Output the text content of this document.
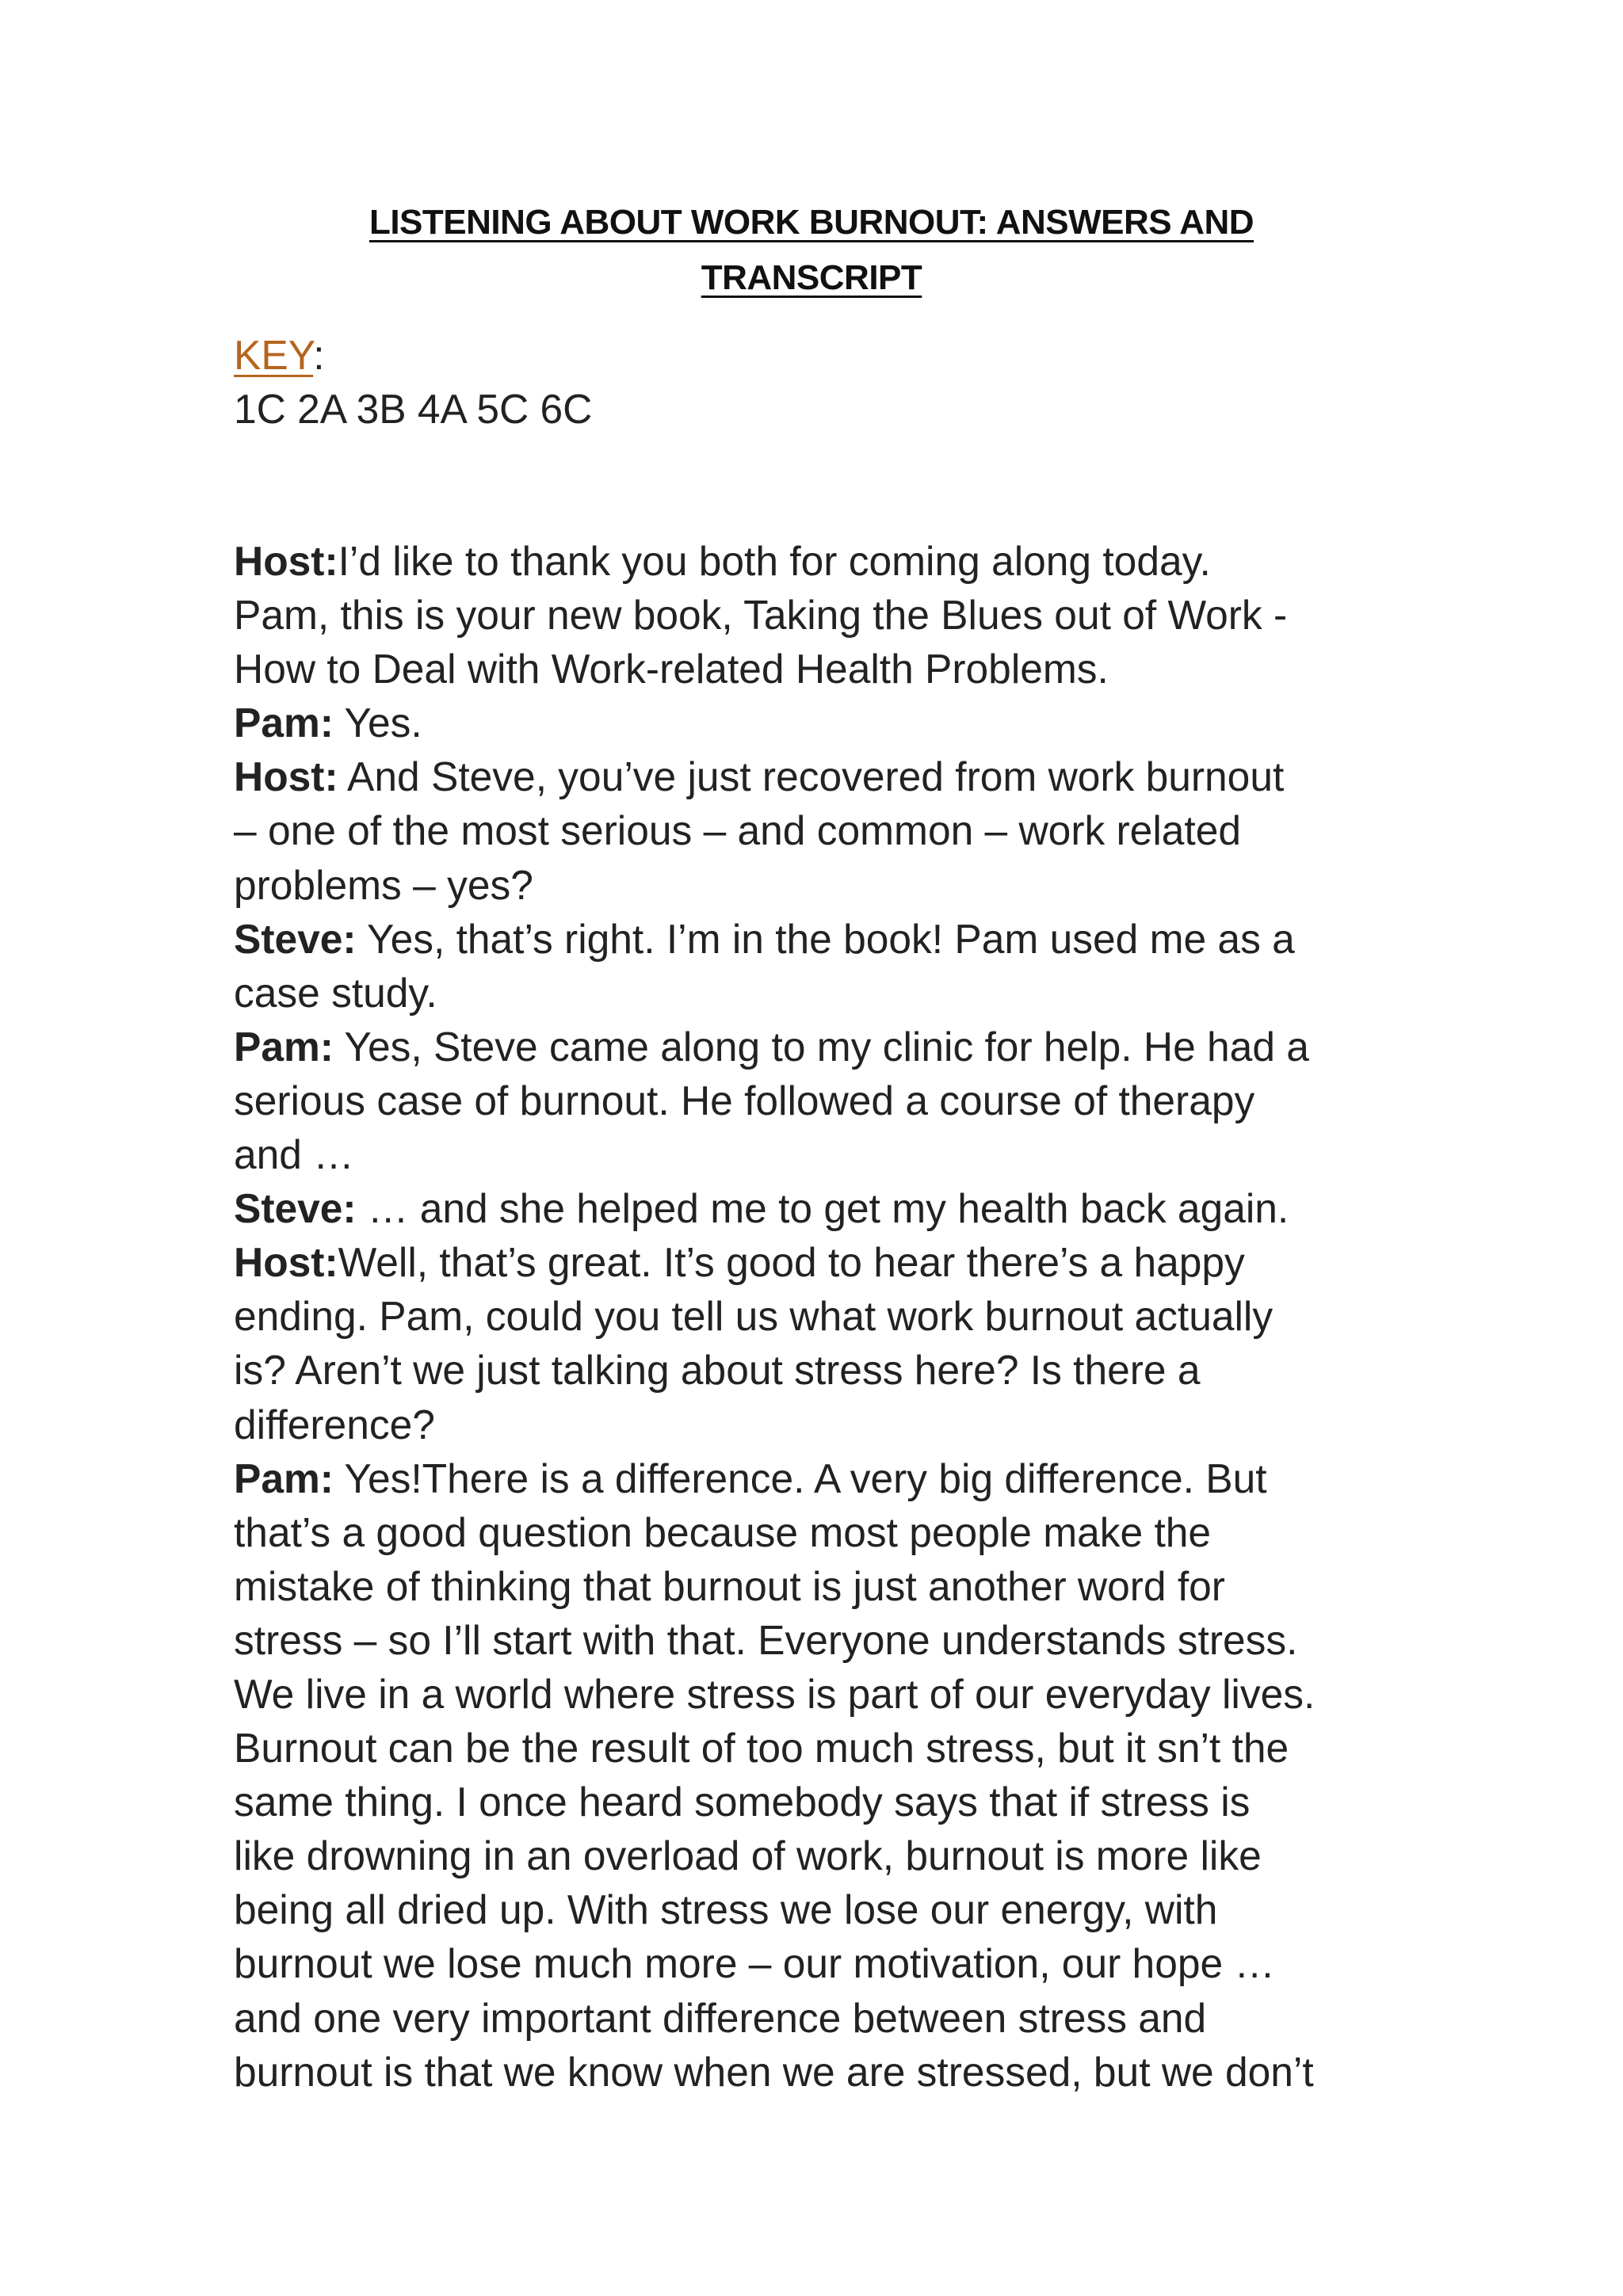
LISTENING ABOUT WORK BURNOUT: ANSWERS AND
TRANSCRIPT
KEY:
1C 2A 3B 4A 5C 6C
Host:I’d like to thank you both for coming along today.
Pam, this is your new book, Taking the Blues out of Work -
How to Deal with Work-related Health Problems.
Pam: Yes.
Host: And Steve, you’ve just recovered from work burnout
– one of the most serious – and common – work related
problems – yes?
Steve: Yes, that’s right. I’m in the book! Pam used me as a
case study.
Pam: Yes, Steve came along to my clinic for help. He had a
serious case of burnout. He followed a course of therapy
and …
Steve: … and she helped me to get my health back again.
Host:Well, that’s great. It’s good to hear there’s a happy
ending. Pam, could you tell us what work burnout actually
is? Aren’t we just talking about stress here? Is there a
difference?
Pam: Yes!There is a difference. A very big difference. But
that’s a good question because most people make the
mistake of thinking that burnout is just another word for
stress – so I’ll start with that. Everyone understands stress.
We live in a world where stress is part of our everyday lives.
Burnout can be the result of too much stress, but it sn’t the
same thing. I once heard somebody says that if stress is
like drowning in an overload of work, burnout is more like
being all dried up. With stress we lose our energy, with
burnout we lose much more – our motivation, our hope …
and one very important difference between stress and
burnout is that we know when we are stressed, but we don’t
